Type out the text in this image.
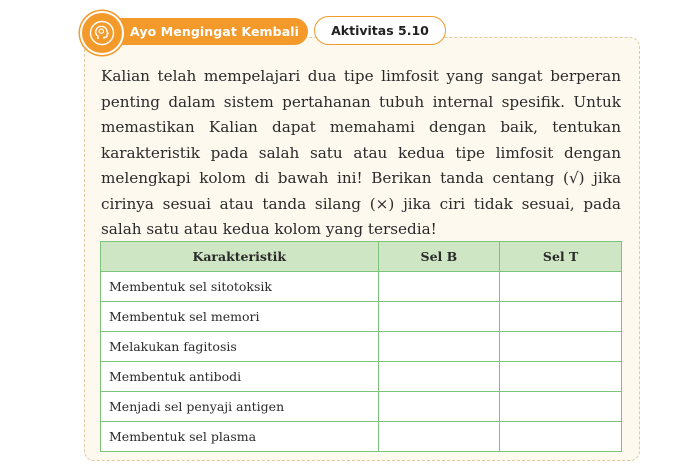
Ayo Mengingat Kembali	Aktivitas 5.10

Kalian telah mempelajari dua tipe limfosit yang sangat berperan penting dalam sistem pertahanan tubuh internal spesifik. Untuk memastikan Kalian dapat memahami dengan baik, tentukan karakteristik pada salah satu atau kedua tipe limfosit dengan melengkapi kolom di bawah ini! Berikan tanda centang (√) jika cirinya sesuai atau tanda silang (×) jika ciri tidak sesuai, pada salah satu atau kedua kolom yang tersedia!

Karakteristik	Sel B	Sel T
Membentuk sel sitotoksik		
Membentuk sel memori		
Melakukan fagitosis		
Membentuk antibodi		
Menjadi sel penyaji antigen		
Membentuk sel plasma		
